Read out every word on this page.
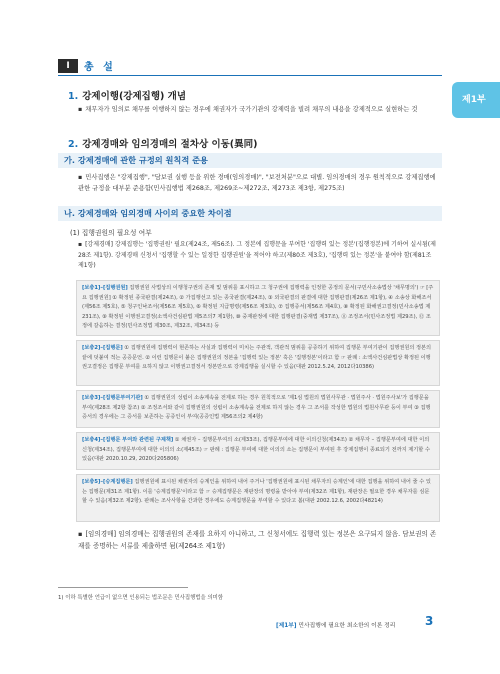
I	총 설
제1부
1. 강제이행(강제집행) 개념
▪ 채무자가 임의로 채무를 이행하지 않는 경우에 채권자가 국가기관의 강제력을 빌려 채무의 내용을 강제적으로 실현하는 것
2. 강제경매와 임의경매의 절차상 이동(異同)
가. 강제경매에 관한 규정의 원칙적 준용
▪ 민사집행은 "강제집행", "담보권 실행 등을 위한 경매(임의경매)", "보전처분"으로 대별. 임의경매의 경우 원칙적으로 강제집행에 관한 규정을 대부분 준용함(민사집행법 제268조, 제269조~제272조, 제273조 제3항, 제275조)
나. 강제경매와 임의경매 사이의 중요한 차이점
(1) 집행권원의 필요성 여부
▪ [강제경매] 강제집행는 '집행권원' 필요(제24조, 제56조). 그 정본에 집행문을 부여한 '집행력 있는 정본'(집행정본)에 기하여 실시됨(제28조 제1항). 강제경매 신청서 '집행할 수 있는 일정한 집행권원'을 적어야 하고(제80조 제3호), '집행력 있는 정본'을 붙여야 함(제81조 제1항)
[보충1]–[집행권원] 집행권원 사법상의 이행청구권의 존재 및 범위를 표시하고 그 청구권에 집행력을 인정한 공정의 문서(구민사소송법상 '채무명의') ☞ [주요 집행권원] ① 확정된 종국판결(제24조), ② 가집행선고 있는 종국판결(제24조), ③ 외국판결의 판결에 대한 집행판결(제26조 제1항), ④ 소송상 화해조서(제56조 제5호), ⑤ 청구인낙조서(제56조 제5호), ⑥ 확정된 지급명령(제56조 제3호), ⑦ 집행증서(제56조 제4호), ⑧ 확정된 화해권고결정(민사소송법 제231조), ⑨ 확정된 이행권고결정(소액사건심판법 제5조의7 제1항), ⑩ 중재판정에 대한 집행판결(중재법 제37조), ⑪ 조정조서(민사조정법 제29조), ⑫ 조정에 갈음하는 결정(민사조정법 제30조, 제32조, 제34조) 등
[보충2]–[집행문] ① 집행권원에 집행력이 현존하는 사실과 집행력이 미치는 주관적, 객관적 범위를 공증하기 위하여 집행문 부여기관이 집행권원의 정본의 끝에 덧붙여 적는 공증문언. ② 이런 집행문이 붙은 집행권원의 정본을 '집행력 있는 정본' 혹은 '집행정본'이라고 함 ☞ 판례 : 소액사건심판법상 확정된 이행권고결정은 집행문 부여를 요하지 않고 이행권고결정서 정본만으로 강제집행을 실시할 수 있음(대판 2012.5.24, 2012다10386)
[보충3]–[집행문부여기관] ① 집행권원의 성립이 소송계속을 전제로 하는 경우 원칙적으로 '제1심 법원의 법원사무관 · 법원주사 · 법원주사보'가 집행문을 부여(제28조 제2항 참조) ② 조정조서와 같이 집행권원의 성립이 소송계속을 전제로 하지 않는 경우 그 조서를 작성한 법원의 법원사무관 등이 부여 ③ 집행증서의 경우에는 그 증서를 보존하는 공증인이 부여(공증인법 제56조의2 제4항)
[보충4]–[집행문 부여와 관련된 구제책] ① 채권자 – 집행문부여의 소(제33조), 집행문부여에 대한 이의신청(제34조) ② 채무자 – 집행문부여에 대한 이의신청(제34조), 집행문부여에 대한 이의의 소(제45조) ☞ 판례 : 집행문 부여에 대한 이의의 소는 집행문이 부여된 후 강제집행이 종료되기 전까지 제기할 수 있음(대판 2020.10.29, 2020다205806)
[보충5]–[승계집행문] 집행권원에 표시된 채권자의 승계인을 위하여 내어 주거나 '집행권원에 표시된 채무자의 승계인'에 대한 집행을 위하여 내어 줄 수 있는 집행문(제31조 제1항). 이를 '승계집행문'이라고 함 ☞ 승계집행문은 재판장의 명령을 받아야 부여(제32조 제1항), 재판장은 필요한 경우 채무자를 심문할 수 있음(제32조 제2항). 판례는 조사사항을 간과한 경우에도 승계집행문을 부여할 수 있다고 봄(대판 2002.12.6, 2002다48214)
▪ [임의경매] 임의경매는 집행권원의 존재를 요하지 아니하고, 그 신청서에도 집행력 있는 정본은 요구되지 않음. 담보권의 존재를 증명하는 서류를 제출하면 됨(제264조 제1항)
1) 이하 특별한 언급이 없으면 인용되는 법조문은 민사집행법을 의미함
[제1부] 민사집행에 필요한 최소한의 이론 정리 3
